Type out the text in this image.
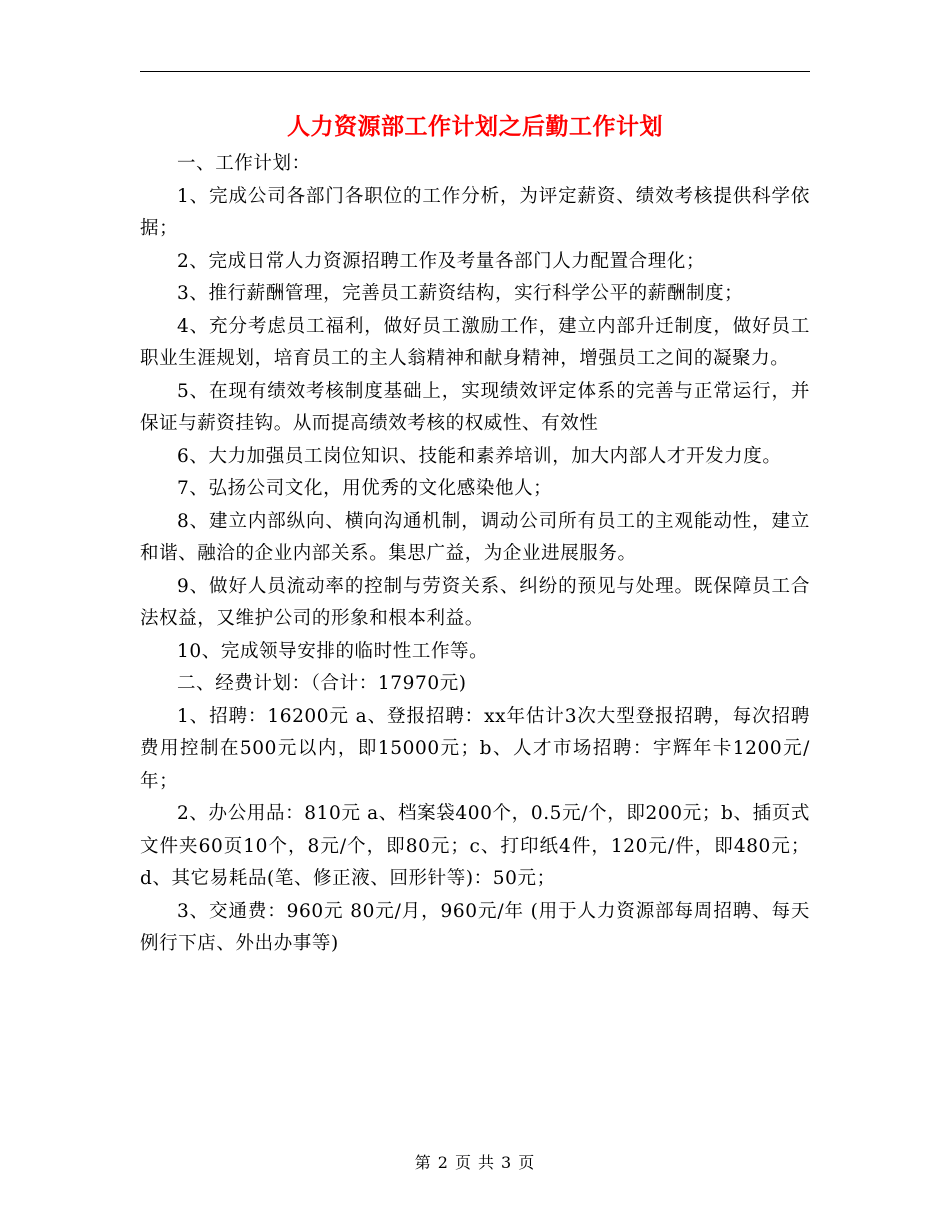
人力资源部工作计划之后勤工作计划

一、工作计划：

1、完成公司各部门各职位的工作分析，为评定薪资、绩效考核提供科学依据；

2、完成日常人力资源招聘工作及考量各部门人力配置合理化；

3、推行薪酬管理，完善员工薪资结构，实行科学公平的薪酬制度；

4、充分考虑员工福利，做好员工激励工作，建立内部升迁制度，做好员工职业生涯规划，培育员工的主人翁精神和献身精神，增强员工之间的凝聚力。

5、在现有绩效考核制度基础上，实现绩效评定体系的完善与正常运行，并保证与薪资挂钩。从而提高绩效考核的权威性、有效性

6、大力加强员工岗位知识、技能和素养培训，加大内部人才开发力度。

7、弘扬公司文化，用优秀的文化感染他人；

8、建立内部纵向、横向沟通机制，调动公司所有员工的主观能动性，建立和谐、融洽的企业内部关系。集思广益，为企业进展服务。

9、做好人员流动率的控制与劳资关系、纠纷的预见与处理。既保障员工合法权益，又维护公司的形象和根本利益。

10、完成领导安排的临时性工作等。

二、经费计划：（合计：17970元)

1、招聘：16200元 a、登报招聘：xx年估计3次大型登报招聘，每次招聘费用控制在500元以内，即15000元；b、人才市场招聘：宇辉年卡1200元/年；

2、办公用品：810元 a、档案袋400个，0.5元/个，即200元；b、插页式文件夹60页10个，8元/个，即80元；c、打印纸4件，120元/件，即480元；d、其它易耗品(笔、修正液、回形针等)：50元；

3、交通费：960元 80元/月，960元/年 (用于人力资源部每周招聘、每天例行下店、外出办事等)

第 2 页 共 3 页
